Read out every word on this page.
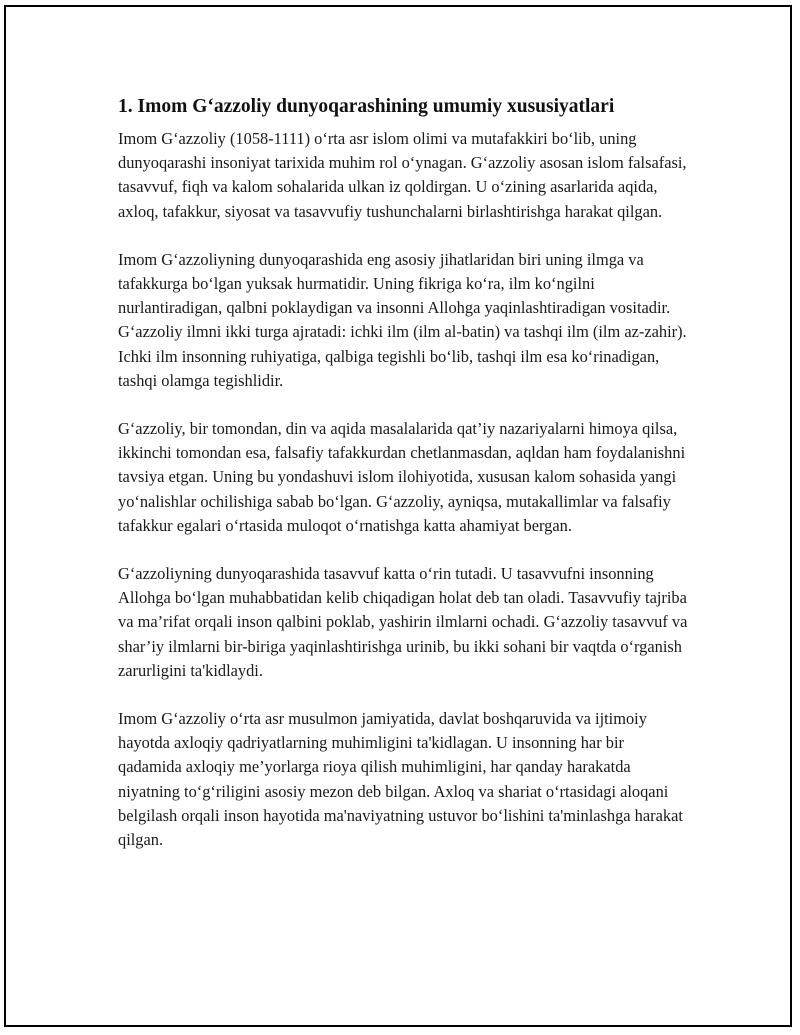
1. Imom G‘azzoliy dunyoqarashining umumiy xususiyatlari

Imom G‘azzoliy (1058-1111) o‘rta asr islom olimi va mutafakkiri bo‘lib, uning dunyoqarashi insoniyat tarixida muhim rol o‘ynagan. G‘azzoliy asosan islom falsafasi, tasavvuf, fiqh va kalom sohalarida ulkan iz qoldirgan. U o‘zining asarlarida aqida, axloq, tafakkur, siyosat va tasavvufiy tushunchalarni birlashtirishga harakat qilgan.

Imom G‘azzoliyning dunyoqarashida eng asosiy jihatlaridan biri uning ilmga va tafakkurga bo‘lgan yuksak hurmatidir. Uning fikriga ko‘ra, ilm ko‘ngilni nurlantiradigan, qalbni poklaydigan va insonni Allohga yaqinlashtiradigan vositadir. G‘azzoliy ilmni ikki turga ajratadi: ichki ilm (ilm al-batin) va tashqi ilm (ilm az-zahir). Ichki ilm insonning ruhiyatiga, qalbiga tegishli bo‘lib, tashqi ilm esa ko‘rinadigan, tashqi olamga tegishlidir.

G‘azzoliy, bir tomondan, din va aqida masalalarida qat’iy nazariyalarni himoya qilsa, ikkinchi tomondan esa, falsafiy tafakkurdan chetlanmasdan, aqldan ham foydalanishni tavsiya etgan. Uning bu yondashuvi islom ilohiyotida, xususan kalom sohasida yangi yo‘nalishlar ochilishiga sabab bo‘lgan. G‘azzoliy, ayniqsa, mutakallimlar va falsafiy tafakkur egalari o‘rtasida muloqot o‘rnatishga katta ahamiyat bergan.

G‘azzoliyning dunyoqarashida tasavvuf katta o‘rin tutadi. U tasavvufni insonning Allohga bo‘lgan muhabbatidan kelib chiqadigan holat deb tan oladi. Tasavvufiy tajriba va ma’rifat orqali inson qalbini poklab, yashirin ilmlarni ochadi. G‘azzoliy tasavvuf va shar’iy ilmlarni bir-biriga yaqinlashtirishga urinib, bu ikki sohani bir vaqtda o‘rganish zarurligini ta'kidlaydi.

Imom G‘azzoliy o‘rta asr musulmon jamiyatida, davlat boshqaruvida va ijtimoiy hayotda axloqiy qadriyatlarning muhimligini ta'kidlagan. U insonning har bir qadamida axloqiy me’yorlarga rioya qilish muhimligini, har qanday harakatda niyatning to‘g‘riligini asosiy mezon deb bilgan. Axloq va shariat o‘rtasidagi aloqani belgilash orqali inson hayotida ma'naviyatning ustuvor bo‘lishini ta'minlashga harakat qilgan.
